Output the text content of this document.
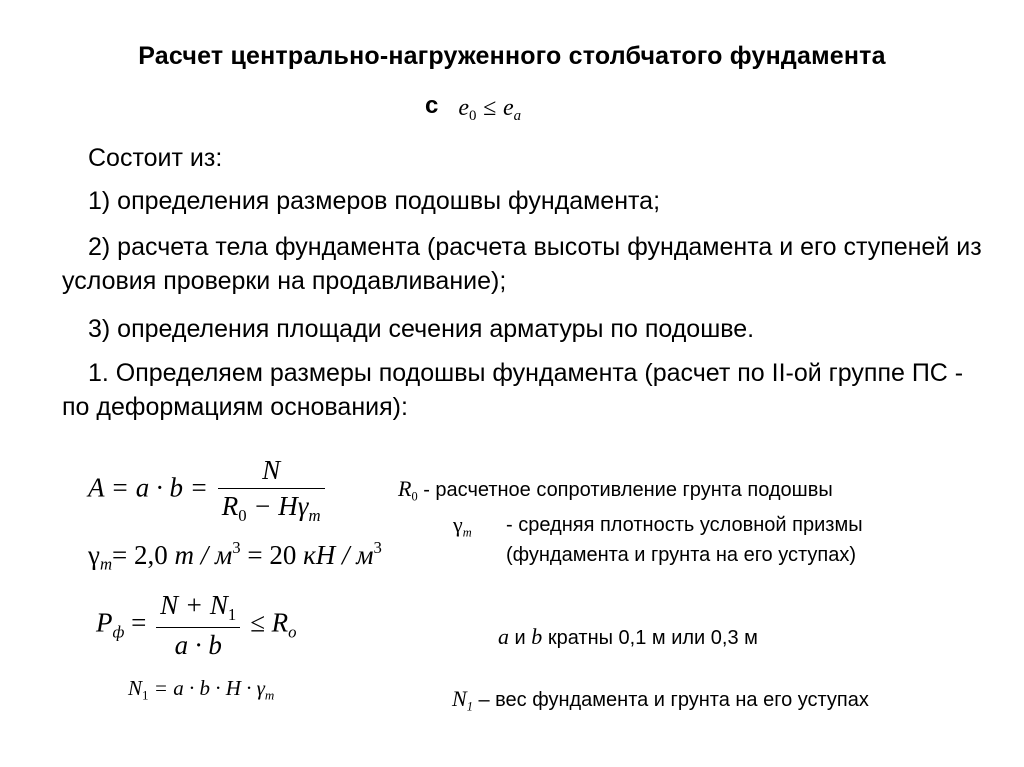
Расчет центрально-нагруженного столбчатого фундамента
с $e_0 \le e_a$
Состоит из:
1) определения размеров подошвы фундамента;
2) расчета тела фундамента (расчета высоты фундамента и его ступеней из условия проверки на продавливание);
3) определения площади сечения арматуры по подошве.
1. Определяем размеры подошвы фундамента (расчет по II-ой группе ПС - по деформациям основания):
$A = a \cdot b = \frac{N}{R_0 - H\gamma_m}$
$\gamma_m= 2,0$ $т / м^3 = 20$ кН / $м^3$
$P_ф = \frac{N + N_1}{a \cdot b} \le R_о$
$N_1 = a \cdot b \cdot H \cdot \gamma_m$
$R_0$ - расчетное сопротивление грунта подошвы
$\gamma_m$ - средняя плотность условной призмы
(фундамента и грунта на его уступах)
a и b кратны 0,1 м или 0,3 м
$N_1$ – вес фундамента и грунта на его уступах
